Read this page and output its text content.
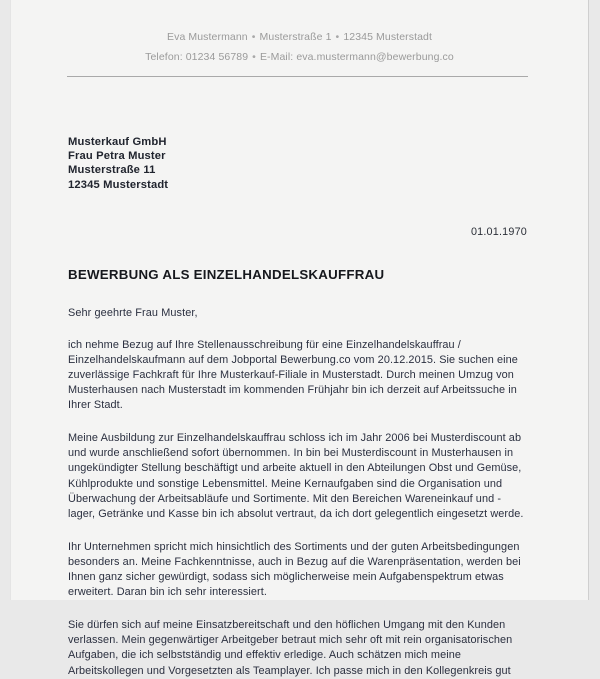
Eva Mustermann • Musterstraße 1 • 12345 Musterstadt
Telefon: 01234 56789 • E-Mail: eva.mustermann@bewerbung.co
Musterkauf GmbH
Frau Petra Muster
Musterstraße 11
12345 Musterstadt
01.01.1970
BEWERBUNG ALS EINZELHANDELSKAUFFRAU
Sehr geehrte Frau Muster,
ich nehme Bezug auf Ihre Stellenausschreibung für eine Einzelhandelskauffrau / Einzelhandelskaufmann auf dem Jobportal Bewerbung.co vom 20.12.2015. Sie suchen eine zuverlässige Fachkraft für Ihre Musterkauf-Filiale in Musterstadt. Durch meinen Umzug von Musterhausen nach Musterstadt im kommenden Frühjahr bin ich derzeit auf Arbeitssuche in Ihrer Stadt.
Meine Ausbildung zur Einzelhandelskauffrau schloss ich im Jahr 2006 bei Musterdiscount ab und wurde anschließend sofort übernommen. In bin bei Musterdiscount in Musterhausen in ungekündigter Stellung beschäftigt und arbeite aktuell in den Abteilungen Obst und Gemüse, Kühlprodukte und sonstige Lebensmittel. Meine Kernaufgaben sind die Organisation und Überwachung der Arbeitsabläufe und Sortimente. Mit den Bereichen Wareneinkauf und -lager, Getränke und Kasse bin ich absolut vertraut, da ich dort gelegentlich eingesetzt werde.
Ihr Unternehmen spricht mich hinsichtlich des Sortiments und der guten Arbeitsbedingungen besonders an. Meine Fachkenntnisse, auch in Bezug auf die Warenpräsentation, werden bei Ihnen ganz sicher gewürdigt, sodass sich möglicherweise mein Aufgabenspektrum etwas erweitert. Daran bin ich sehr interessiert.
Sie dürfen sich auf meine Einsatzbereitschaft und den höflichen Umgang mit den Kunden verlassen. Mein gegenwärtiger Arbeitgeber betraut mich sehr oft mit rein organisatorischen Aufgaben, die ich selbstständig und effektiv erledige. Auch schätzen mich meine Arbeitskollegen und Vorgesetzten als Teamplayer. Ich passe mich in den Kollegenkreis gut
